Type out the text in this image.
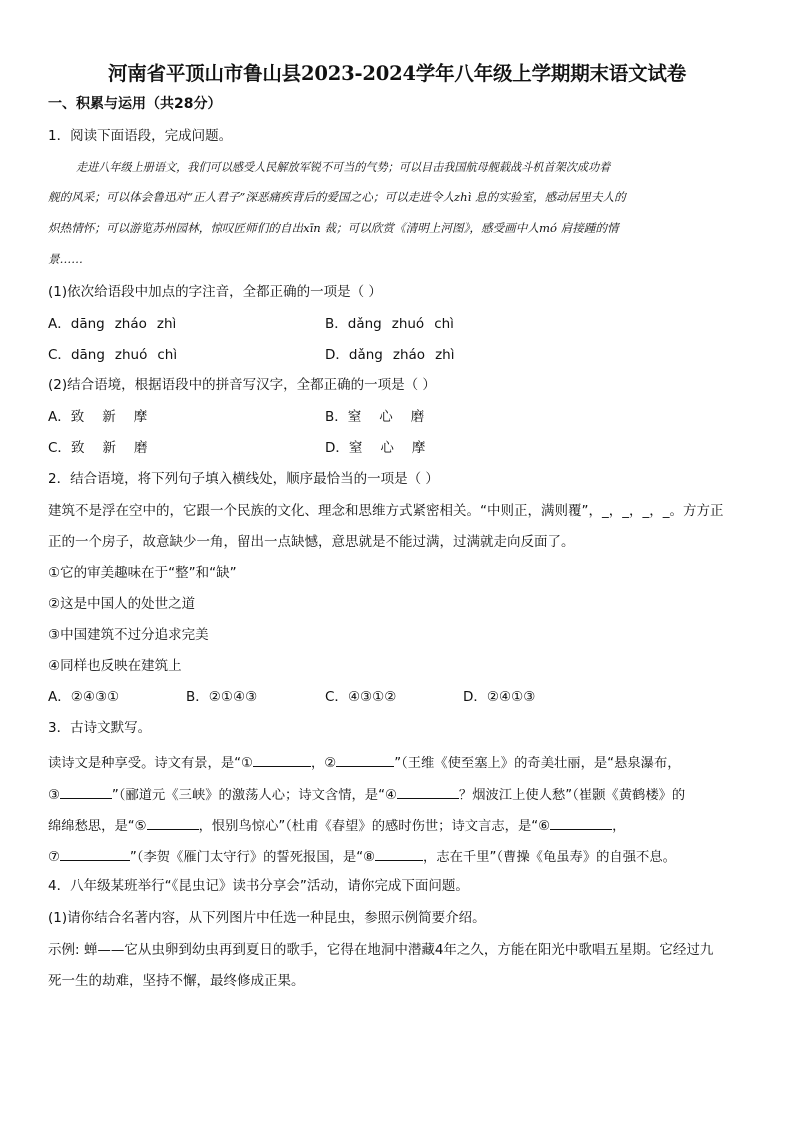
河南省平顶山市鲁山县2023-2024学年八年级上学期期末语文试卷
一、积累与运用（共28分）
1．阅读下面语段，完成问题。
走进八年级上册语文，我们可以感受人民解放军锐不可当的气势；可以目击我国航母舰载战斗机首架次成功着
舰的风采；可以体会鲁迅对“正人君子”深恶痛疾背后的爱国之心；可以走进令人zhì 息的实验室，感动居里夫人的
炽热情怀；可以游览苏州园林，惊叹匠师们的自出xīn 裁；可以欣赏《清明上河图》，感受画中人mó 肩接踵的情
景……
(1)依次给语段中加点的字注音，全都正确的一项是（ ）
A．dāng zháo zhì	B．dǎng zhuó chì
C．dāng zhuó chì	D．dǎng zháo zhì
(2)结合语境，根据语段中的拼音写汉字，全都正确的一项是（ ）
A．致 新 摩	B．窒 心 磨
C．致 新 磨	D．窒 心 摩
2．结合语境，将下列句子填入横线处，顺序最恰当的一项是（ ）
建筑不是浮在空中的，它跟一个民族的文化、理念和思维方式紧密相关。“中则正，满则覆”，_，_，_，_。方方正
正的一个房子，故意缺少一角，留出一点缺憾，意思就是不能过满，过满就走向反面了。
①它的审美趣味在于“整”和“缺”
②这是中国人的处世之道
③中国建筑不过分追求完美
④同样也反映在建筑上
A．②④③①	B．②①④③	C．④③①②	D．②④①③
3．古诗文默写。
读诗文是种享受。诗文有景，是“①	，②	”（王维《使至塞上》的奇美壮丽，是“悬泉瀑布，
③	”（郦道元《三峡》的激荡人心；诗文含情，是“④	？烟波江上使人愁”（崔颢《黄鹤楼》的
绵绵愁思，是“⑤	，恨别鸟惊心”（杜甫《春望》的感时伤世；诗文言志，是“⑥	，
⑦	”（李贺《雁门太守行》的誓死报国，是“⑧	，志在千里”（曹操《龟虽寿》的自强不息。
4．八年级某班举行“《昆虫记》读书分享会”活动，请你完成下面问题。
(1)请你结合名著内容，从下列图片中任选一种昆虫，参照示例简要介绍。
示例: 蝉——它从虫卵到幼虫再到夏日的歌手，它得在地洞中潜藏4年之久，方能在阳光中歌唱五星期。它经过九
死一生的劫难，坚持不懈，最终修成正果。
